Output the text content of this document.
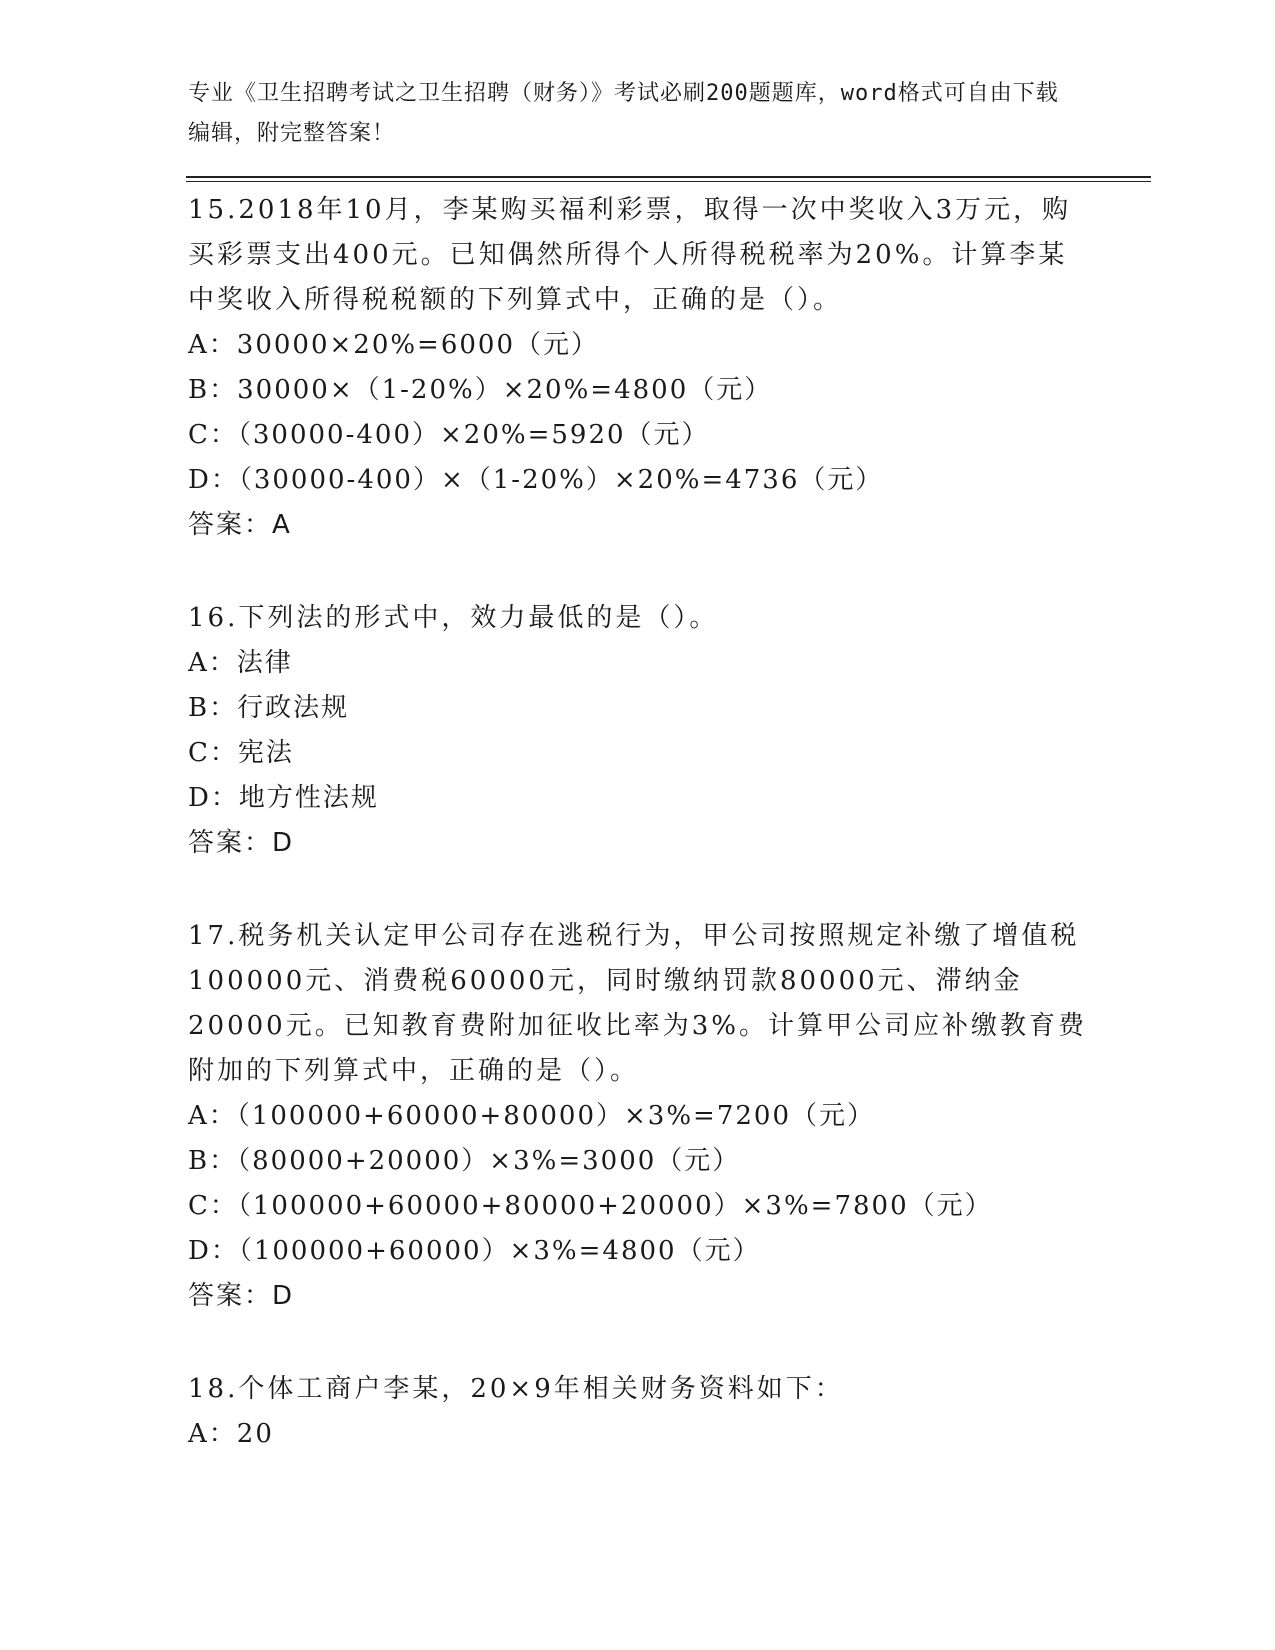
专业《卫生招聘考试之卫生招聘（财务）》考试必刷200题题库，word格式可自由下载编辑，附完整答案！

15.2018年10月，李某购买福利彩票，取得一次中奖收入3万元，购买彩票支出400元。已知偶然所得个人所得税税率为20%。计算李某中奖收入所得税税额的下列算式中，正确的是（）。

A：30000×20%=6000（元）

B：30000×（1-20%）×20%=4800（元）

C：（30000-400）×20%=5920（元）

D：（30000-400）×（1-20%）×20%=4736（元）

答案：A

16.下列法的形式中，效力最低的是（）。

A：法律

B：行政法规

C：宪法

D：地方性法规

答案：D

17.税务机关认定甲公司存在逃税行为，甲公司按照规定补缴了增值税100000元、消费税60000元，同时缴纳罚款80000元、滞纳金20000元。已知教育费附加征收比率为3%。计算甲公司应补缴教育费附加的下列算式中，正确的是（）。

A：（100000+60000+80000）×3%=7200（元）

B：（80000+20000）×3%=3000（元）

C：（100000+60000+80000+20000）×3%=7800（元）

D：（100000+60000）×3%=4800（元）

答案：D

18.个体工商户李某，20×9年相关财务资料如下：

A：20
